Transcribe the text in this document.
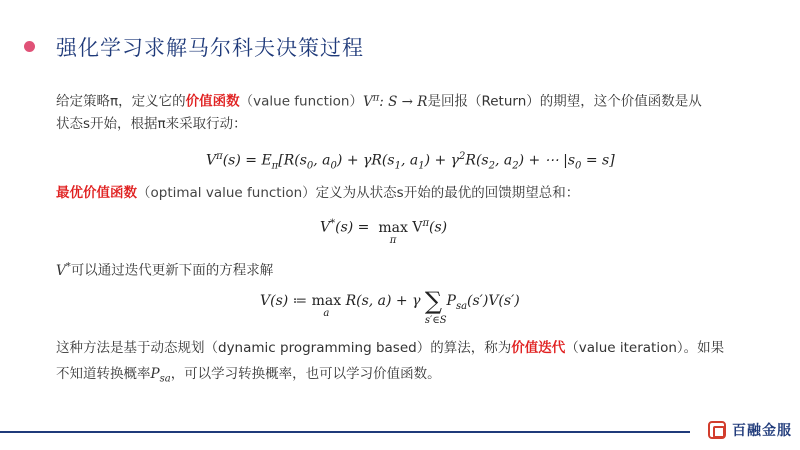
强化学习求解马尔科夫决策过程
给定策略π，定义它的价值函数（value $function)V^\pi$: S → R是回报（Return）的期望，这个价值函数是从
状态s开始，根据π来采取行动：
$V^\pi(s) = E_\pi[R(s_0$, $a_0) + \gamma R(s_1$, $a_1) + \gamma^2R(s_2$, $a_2$) + ⋯ $|s_0 = s$]
最优价值函数（optimal value function）定义为从状态s开始的最优的回馈期望总和：
V*(s) =  max
π
$V^\pi(s)$
V*可以通过迭代更新下面的方程求解
V(s) ≔ max
a
R(s, a) + γ ∑
s′∈S
$P_{sa}(s')V(s')$
这种方法是基于动态规划（dynamic programming based）的算法，称为价值迭代（value iteration）。如果
不知道转换概率$P_{sa}$，可以学习转换概率，也可以学习价值函数。
百融金服
